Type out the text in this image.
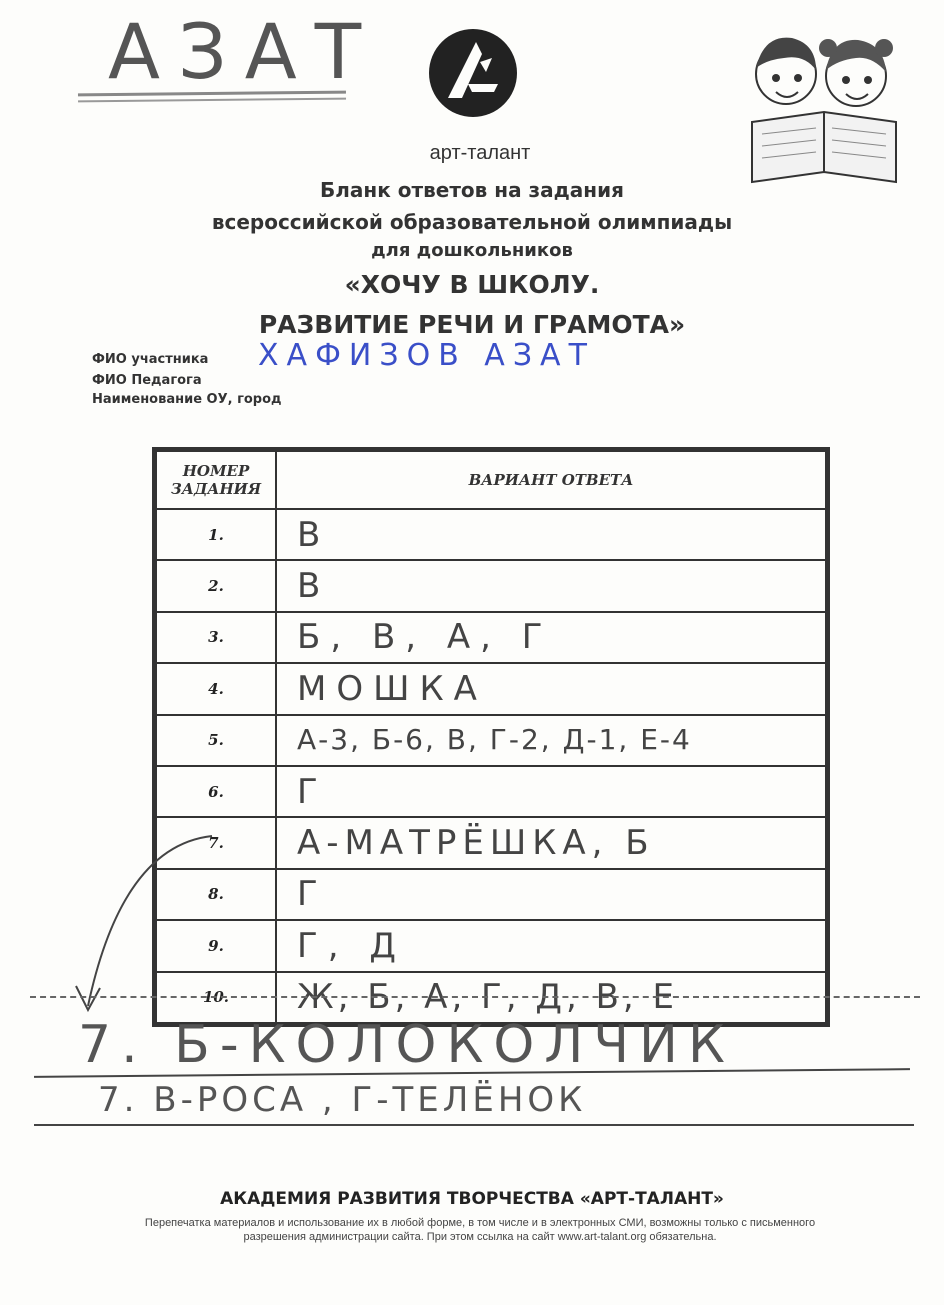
АЗАТ
арт-талант
Бланк ответов на задания
всероссийской образовательной олимпиады
для дошкольников
«ХОЧУ В ШКОЛУ.
РАЗВИТИЕ РЕЧИ И ГРАМОТА»
ФИО участника ХАФИЗОВ АЗАТ
ФИО Педагога
Наименование ОУ, город
НОМЕР ЗАДАНИЯ	ВАРИАНТ ОТВЕТА
1.	В
2.	В
3.	Б, В, А, Г
4.	МОШКА
5.	А-3, Б-6, В, Г-2, Д-1, Е-4
6.	Г
7.	А-МАТРЁШКА, Б
8.	Г
9.	Г, Д
10.	Ж, Б, А, Г, Д, В, Е
7. Б-КОЛОКОЛЧИК
7. В-РОСА , Г-ТЕЛЁНОК
АКАДЕМИЯ РАЗВИТИЯ ТВОРЧЕСТВА «АРТ-ТАЛАНТ»
Перепечатка материалов и использование их в любой форме, в том числе и в электронных СМИ, возможны только с письменного разрешения администрации сайта. При этом ссылка на сайт www.art-talant.org обязательна.
